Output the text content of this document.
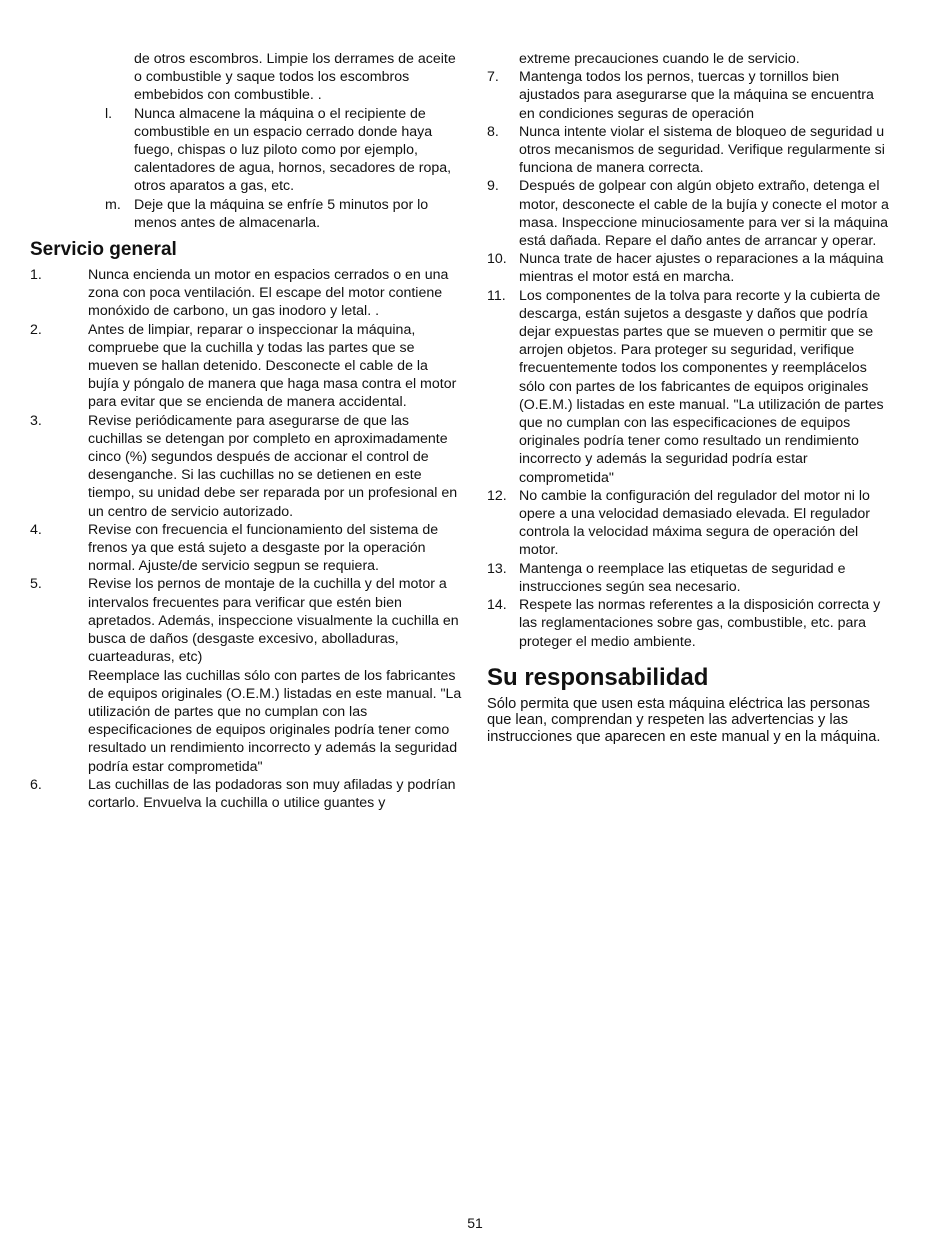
de otros escombros. Limpie los derrames de aceite o combustible y saque todos los escombros embebidos con combustible. .
l.	Nunca almacene la máquina o el recipiente de combustible en un espacio cerrado donde haya fuego, chispas o luz piloto como por ejemplo, calentadores de agua, hornos, secadores de ropa, otros aparatos a gas, etc.
m. Deje que la máquina se enfríe 5 minutos por lo menos antes de almacenarla.
Servicio general
1.	Nunca encienda un motor en espacios cerrados o en una zona con poca ventilación. El escape del motor contiene monóxido de carbono, un gas inodoro y letal. .
2.	Antes de limpiar, reparar o inspeccionar la máquina, compruebe que la cuchilla y todas las partes que se mueven se hallan detenido. Desconecte el cable de la bujía y póngalo de manera que haga masa contra el motor para evitar que se encienda de manera accidental.
3.	Revise periódicamente para asegurarse de que las cuchillas se detengan por completo en aproximadamente cinco (%) segundos después de accionar el control de desenganche. Si las cuchillas no se detienen en este tiempo, su unidad debe ser reparada por un profesional en un centro de servicio autorizado.
4.	Revise con frecuencia el funcionamiento del sistema de frenos ya que está sujeto a desgaste por la operación normal. Ajuste/de servicio segpun se requiera.
5.	Revise los pernos de montaje de la cuchilla y del motor a intervalos frecuentes para verificar que estén bien apretados. Además, inspeccione visualmente la cuchilla en busca de daños (desgaste excesivo, abolladuras, cuarteaduras, etc)
Reemplace las cuchillas sólo con partes de los fabricantes de equipos originales (O.E.M.) listadas en este manual. "La utilización de partes que no cumplan con las especificaciones de equipos originales podría tener como resultado un rendimiento incorrecto y además la seguridad podría estar comprometida"
6.	Las cuchillas de las podadoras son muy afiladas y podrían cortarlo. Envuelva la cuchilla o utilice guantes y
extreme precauciones cuando le de servicio.
7.	Mantenga todos los pernos, tuercas y tornillos bien ajustados para asegurarse que la máquina se encuentra en condiciones seguras de operación
8.	Nunca intente violar el sistema de bloqueo de seguridad u otros mecanismos de seguridad. Verifique regularmente si funciona de manera correcta.
9.	Después de golpear con algún objeto extraño, detenga el motor, desconecte el cable de la bujía y conecte el motor a masa. Inspeccione minuciosamente para ver si la máquina está dañada. Repare el daño antes de arrancar y operar.
10. Nunca trate de hacer ajustes o reparaciones a la máquina mientras el motor está en marcha.
11. Los componentes de la tolva para recorte y la cubierta de descarga, están sujetos a desgaste y daños que podría dejar expuestas partes que se mueven o permitir que se arrojen objetos. Para proteger su seguridad, verifique frecuentemente todos los componentes y reemplácelos sólo con partes de los fabricantes de equipos originales (O.E.M.) listadas en este manual. "La utilización de partes que no cumplan con las especificaciones de equipos originales podría tener como resultado un rendimiento incorrecto y además la seguridad podría estar comprometida"
12. No cambie la configuración del regulador del motor ni lo opere a una velocidad demasiado elevada. El regulador controla la velocidad máxima segura de operación del motor.
13. Mantenga o reemplace las etiquetas de seguridad e instrucciones según sea necesario.
14. Respete las normas referentes a la disposición correcta y las reglamentaciones sobre gas, combustible, etc. para proteger el medio ambiente.
Su responsabilidad
Sólo permita que usen esta máquina eléctrica las personas que lean, comprendan y respeten las advertencias y las instrucciones que aparecen en este manual y en la máquina.
51
